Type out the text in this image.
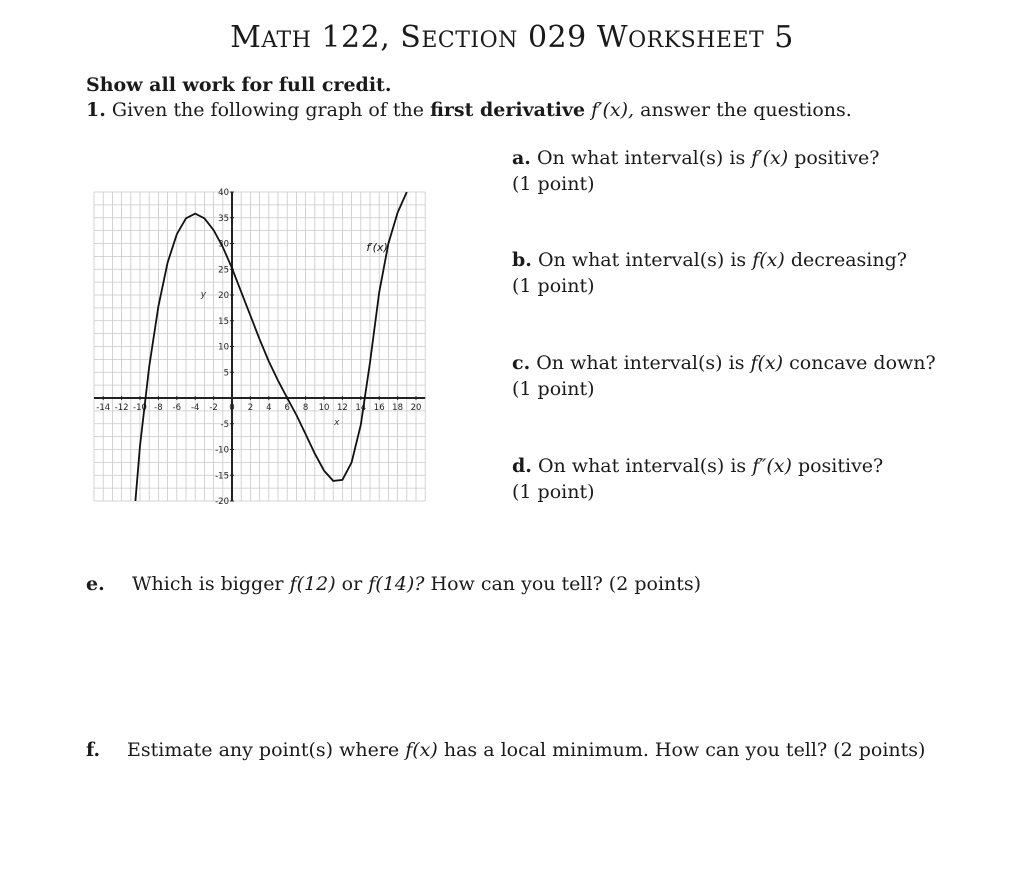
MATH 122, SECTION 029 WORKSHEET 5
Show all work for full credit.
1. Given the following graph of the first derivative f′(x), answer the questions.
a. On what interval(s) is f′(x) positive?
(1 point)
b. On what interval(s) is f(x) decreasing?
(1 point)
c. On what interval(s) is f(x) concave down?
(1 point)
d. On what interval(s) is f″(x) positive?
(1 point)
e. Which is bigger f(12) or f(14)? How can you tell? (2 points)
f. Estimate any point(s) where f(x) has a local minimum. How can you tell? (2 points)
-14 -12 -10 -8 -6 -4 -2 0 2 4 6 8 10 12 14 16 18 20
40
35
30
25
20
15
10
5
-5
-10
-15
-20
f′(x)
x
y
